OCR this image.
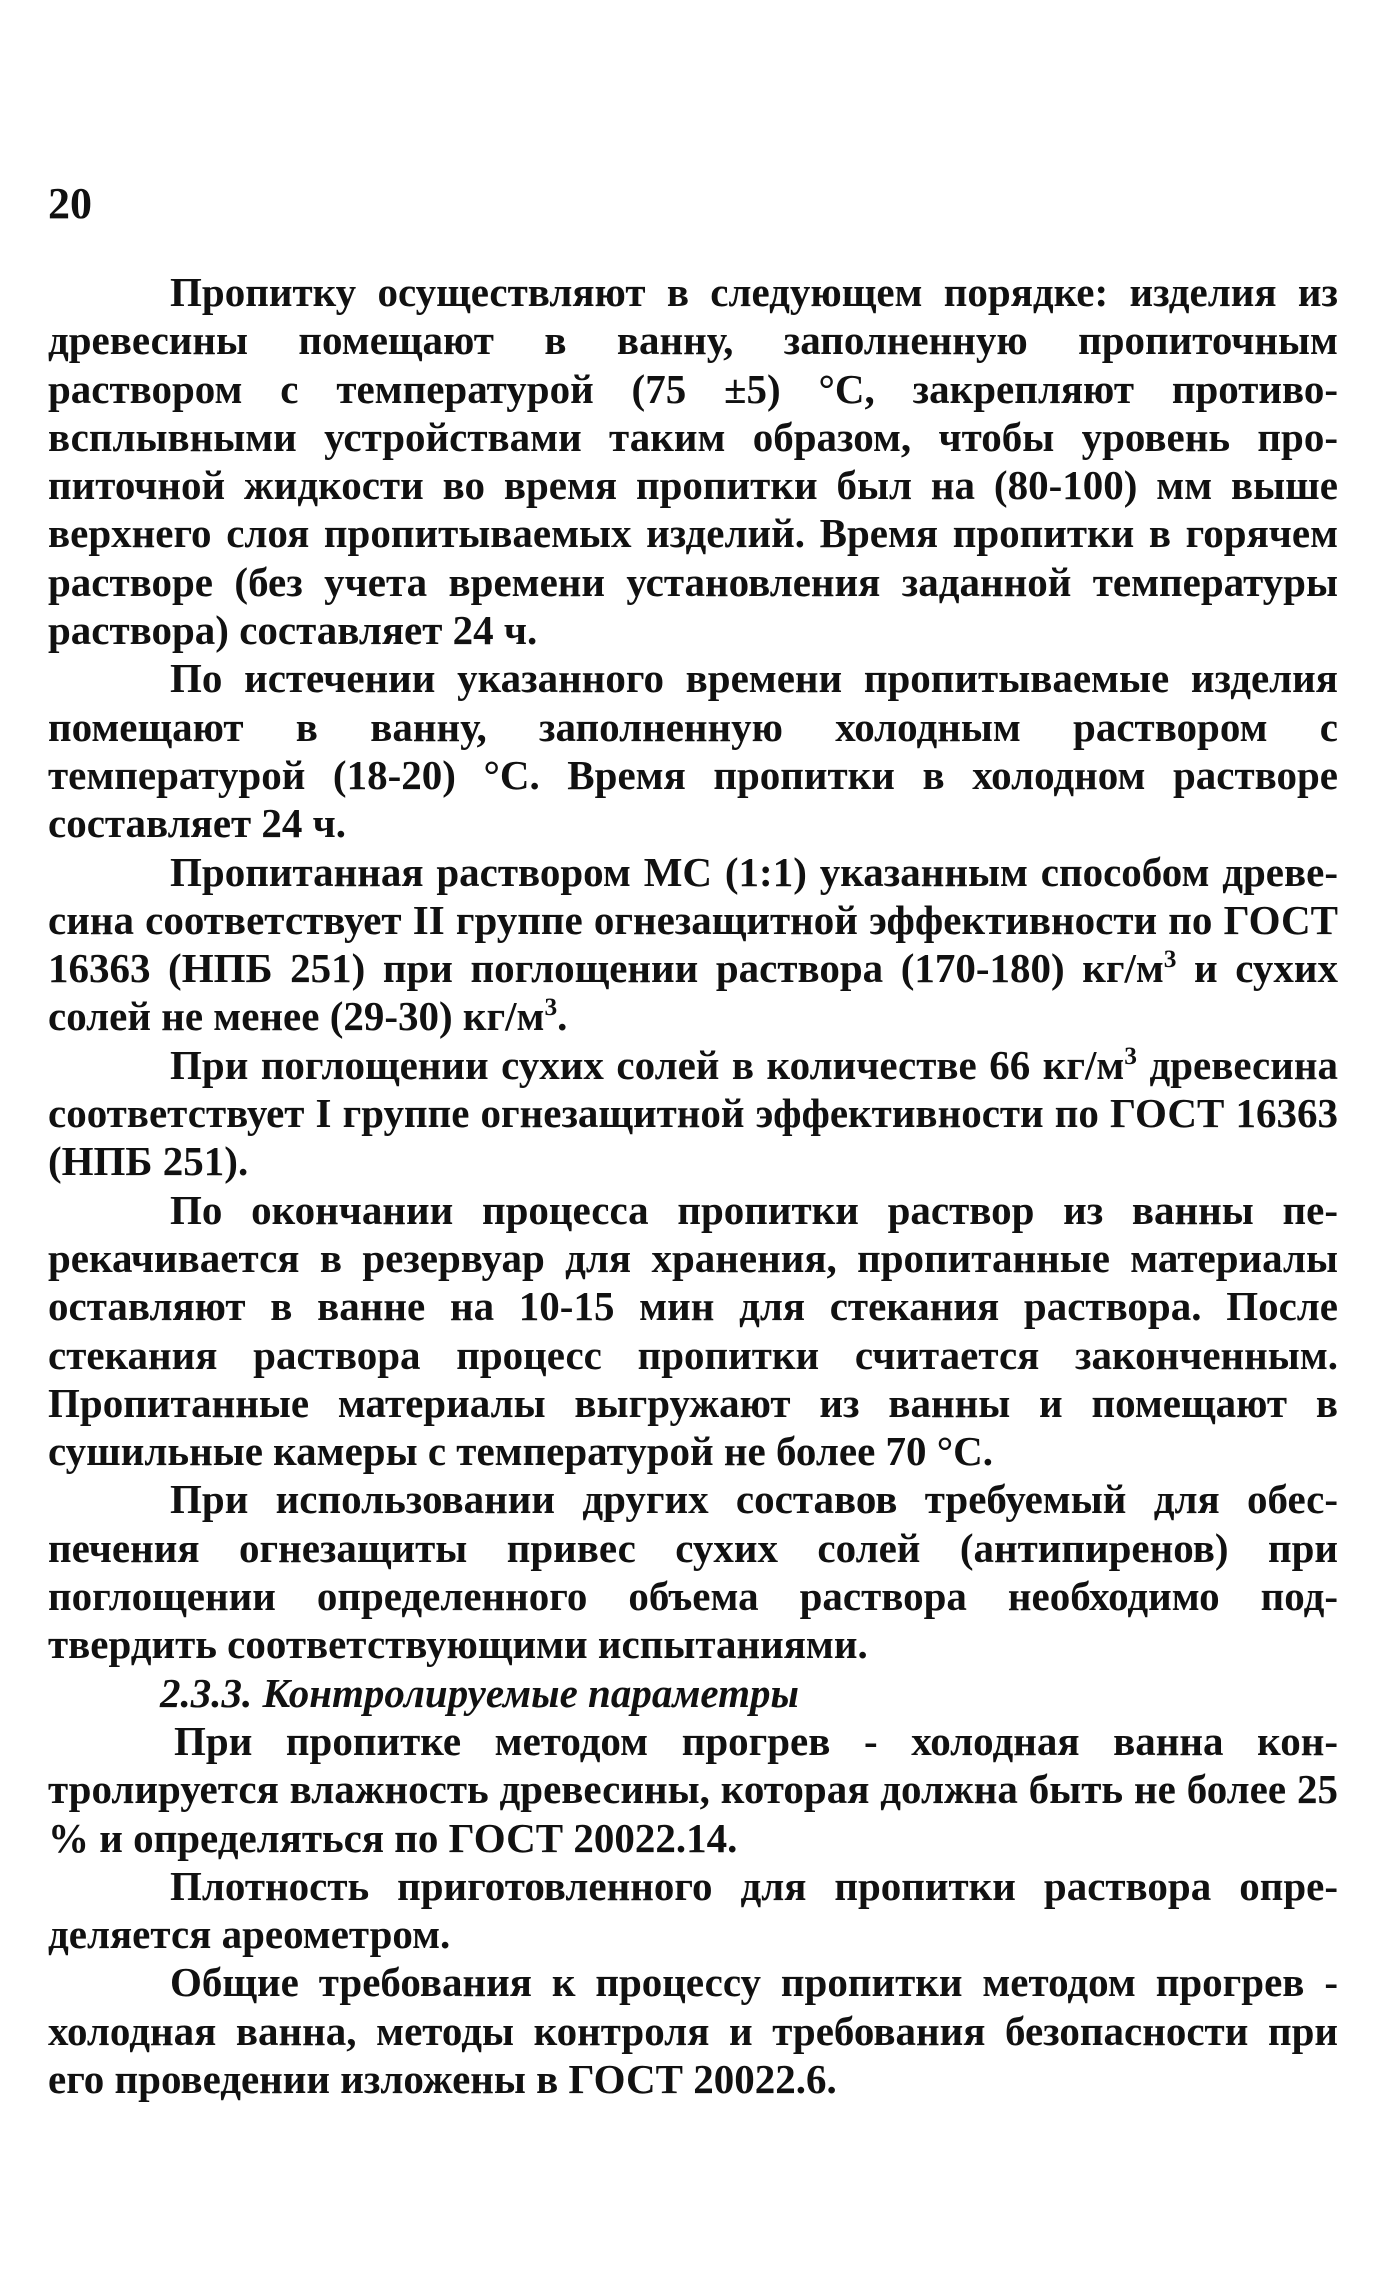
20

Пропитку осуществляют в следующем порядке: изделия из древесины помещают в ванну, заполненную пропиточным раствором с температурой (75 ±5) °С, закрепляют противовсплывными устройствами таким образом, чтобы уровень пропиточной жидкости во время пропитки был на (80-100) мм выше верхнего слоя пропитываемых изделий. Время пропитки в горячем растворе (без учета времени установления заданной температуры раствора) составляет 24 ч.

По истечении указанного времени пропитываемые изделия помещают в ванну, заполненную холодным раствором с температурой (18-20) °С. Время пропитки в холодном растворе составляет 24 ч.

Пропитанная раствором МС (1:1) указанным способом древесина соответствует II группе огнезащитной эффективности по ГОСТ 16363 (НПБ 251) при поглощении раствора (170-180) $кг/м^3$ и сухих солей не менее (29-30) $кг/м^3$.

При поглощении сухих солей в количестве 66 $кг/м^3$ древесина соответствует I группе огнезащитной эффективности по ГОСТ 16363 (НПБ 251).

По окончании процесса пропитки раствор из ванны перекачивается в резервуар для хранения, пропитанные материалы оставляют в ванне на 10-15 мин для стекания раствора. После стекания раствора процесс пропитки считается законченным. Пропитанные материалы выгружают из ванны и помещают в сушильные камеры с температурой не более 70 °С.

При использовании других составов требуемый для обеспечения огнезащиты привес сухих солей (антипиренов) при поглощении определенного объема раствора необходимо подтвердить соответствующими испытаниями.

2.3.3. Контролируемые параметры

При пропитке методом прогрев - холодная ванна контролируется влажность древесины, которая должна быть не более 25 % и определяться по ГОСТ 20022.14.

Плотность приготовленного для пропитки раствора определяется ареометром.

Общие требования к процессу пропитки методом прогрев - холодная ванна, методы контроля и требования безопасности при его проведении изложены в ГОСТ 20022.6.
